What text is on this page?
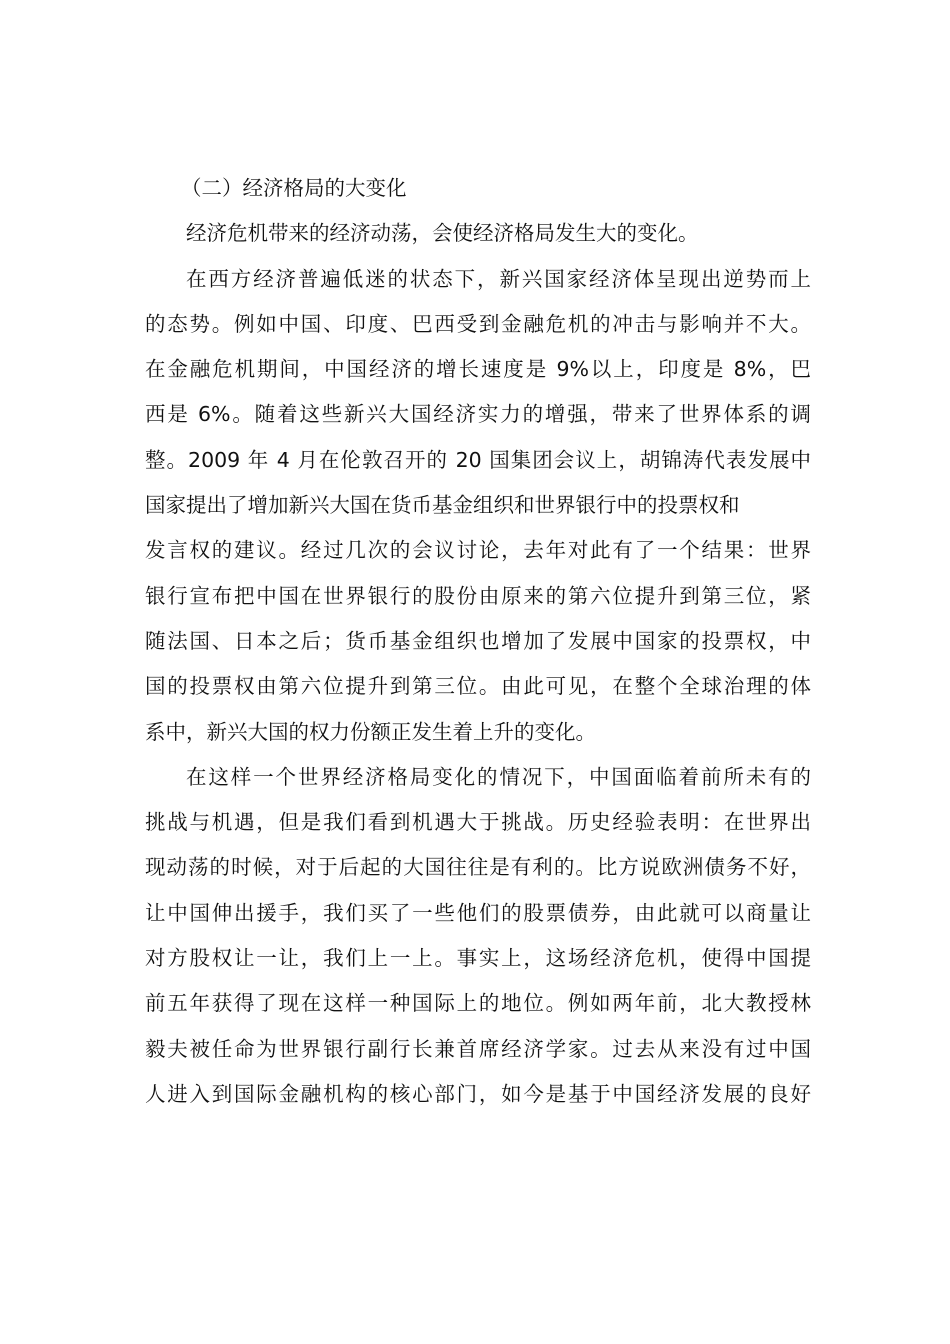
（二）经济格局的大变化
经济危机带来的经济动荡，会使经济格局发生大的变化。
在西方经济普遍低迷的状态下，新兴国家经济体呈现出逆势而上
的态势。例如中国、印度、巴西受到金融危机的冲击与影响并不大。
在金融危机期间，中国经济的增长速度是 9%以上，印度是 8%，巴
西是 6%。随着这些新兴大国经济实力的增强，带来了世界体系的调
整。2009 年 4 月在伦敦召开的 20 国集团会议上，胡锦涛代表发展中
国家提出了增加新兴大国在货币基金组织和世界银行中的投票权和
发言权的建议。经过几次的会议讨论，去年对此有了一个结果：世界
银行宣布把中国在世界银行的股份由原来的第六位提升到第三位，紧
随法国、日本之后；货币基金组织也增加了发展中国家的投票权，中
国的投票权由第六位提升到第三位。由此可见，在整个全球治理的体
系中，新兴大国的权力份额正发生着上升的变化。
在这样一个世界经济格局变化的情况下，中国面临着前所未有的
挑战与机遇，但是我们看到机遇大于挑战。历史经验表明：在世界出
现动荡的时候，对于后起的大国往往是有利的。比方说欧洲债务不好，
让中国伸出援手，我们买了一些他们的股票债券，由此就可以商量让
对方股权让一让，我们上一上。事实上，这场经济危机，使得中国提
前五年获得了现在这样一种国际上的地位。例如两年前，北大教授林
毅夫被任命为世界银行副行长兼首席经济学家。过去从来没有过中国
人进入到国际金融机构的核心部门，如今是基于中国经济发展的良好
